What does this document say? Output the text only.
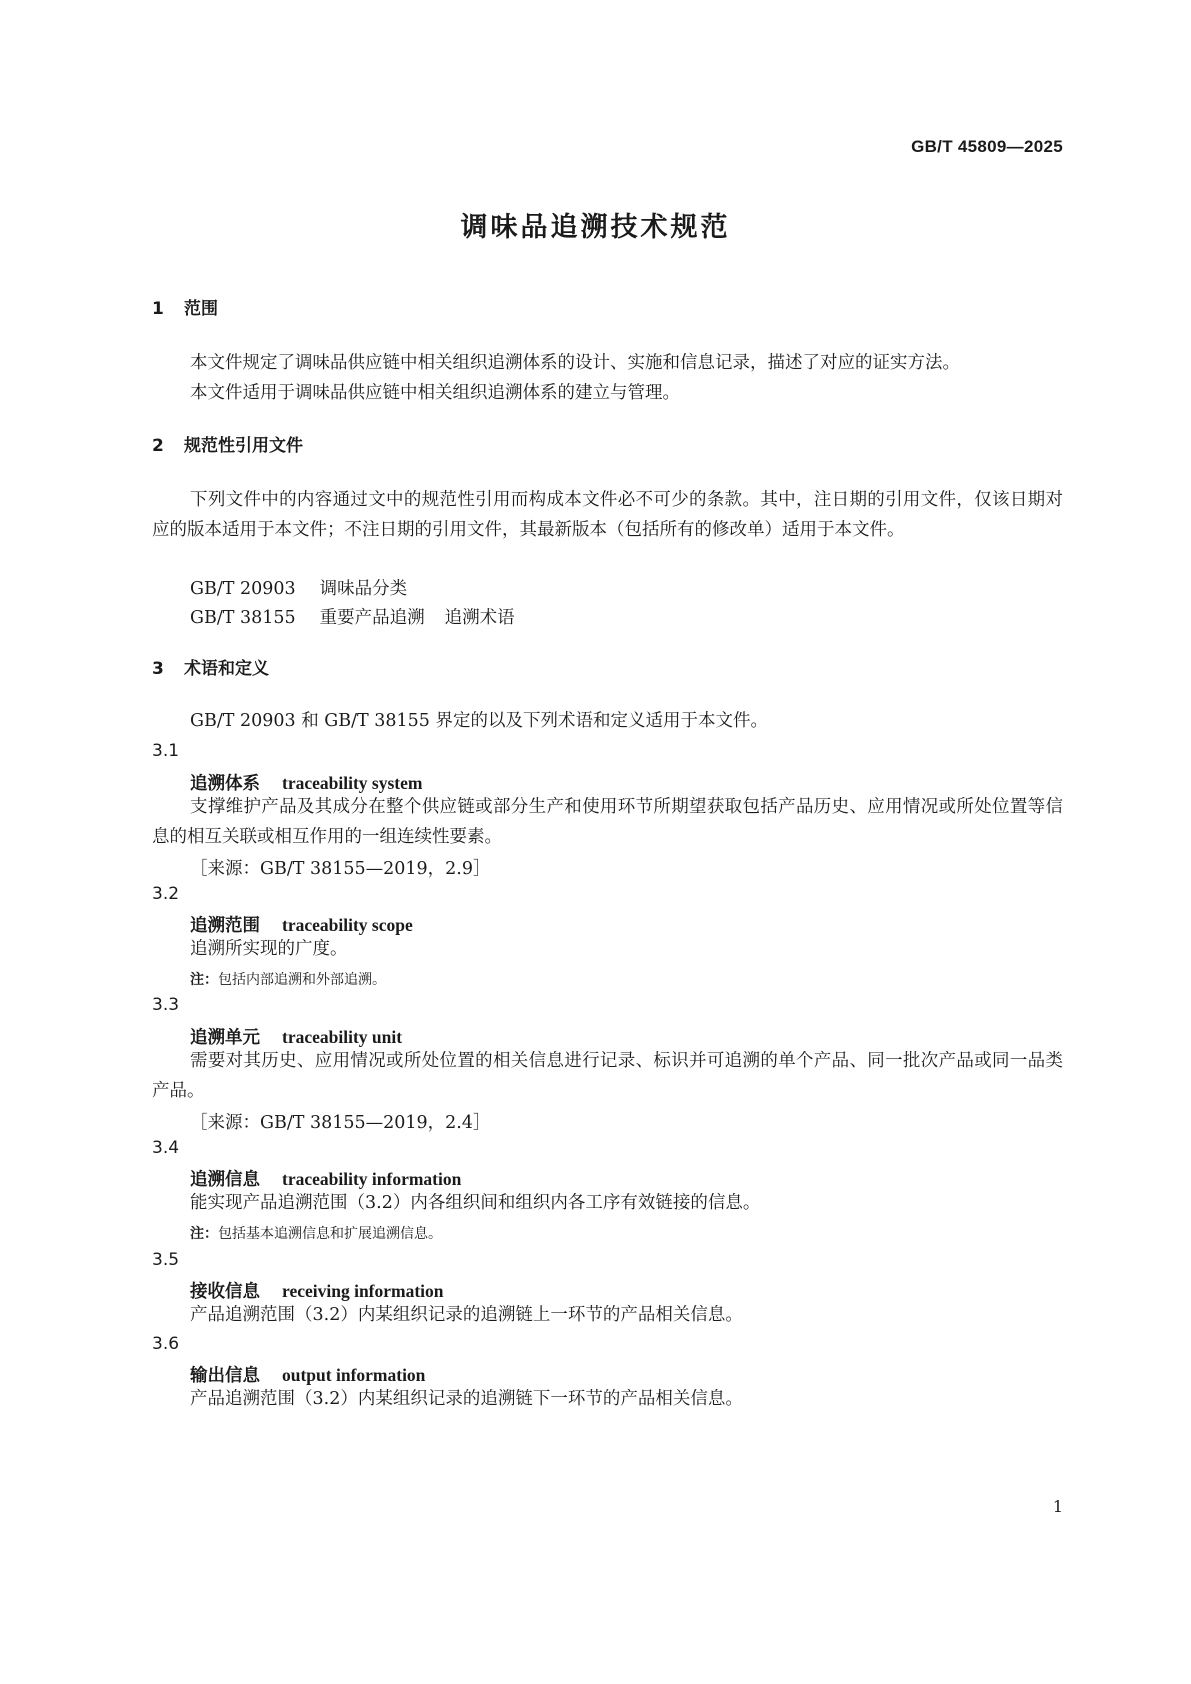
GB/T 45809—2025
调味品追溯技术规范
1 范围
本文件规定了调味品供应链中相关组织追溯体系的设计、实施和信息记录，描述了对应的证实方法。
本文件适用于调味品供应链中相关组织追溯体系的建立与管理。
2 规范性引用文件
下列文件中的内容通过文中的规范性引用而构成本文件必不可少的条款。其中，注日期的引用文件，仅该日期对应的版本适用于本文件；不注日期的引用文件，其最新版本（包括所有的修改单）适用于本文件。
GB/T 20903 调味品分类
GB/T 38155 重要产品追溯 追溯术语
3 术语和定义
GB/T 20903 和 GB/T 38155 界定的以及下列术语和定义适用于本文件。
3.1
追溯体系 traceability system
支撑维护产品及其成分在整个供应链或部分生产和使用环节所期望获取包括产品历史、应用情况或所处位置等信息的相互关联或相互作用的一组连续性要素。
［来源：GB/T 38155—2019，2.9］
3.2
追溯范围 traceability scope
追溯所实现的广度。
注：包括内部追溯和外部追溯。
3.3
追溯单元 traceability unit
需要对其历史、应用情况或所处位置的相关信息进行记录、标识并可追溯的单个产品、同一批次产品或同一品类产品。
［来源：GB/T 38155—2019，2.4］
3.4
追溯信息 traceability information
能实现产品追溯范围（3.2）内各组织间和组织内各工序有效链接的信息。
注：包括基本追溯信息和扩展追溯信息。
3.5
接收信息 receiving information
产品追溯范围（3.2）内某组织记录的追溯链上一环节的产品相关信息。
3.6
输出信息 output information
产品追溯范围（3.2）内某组织记录的追溯链下一环节的产品相关信息。
1
